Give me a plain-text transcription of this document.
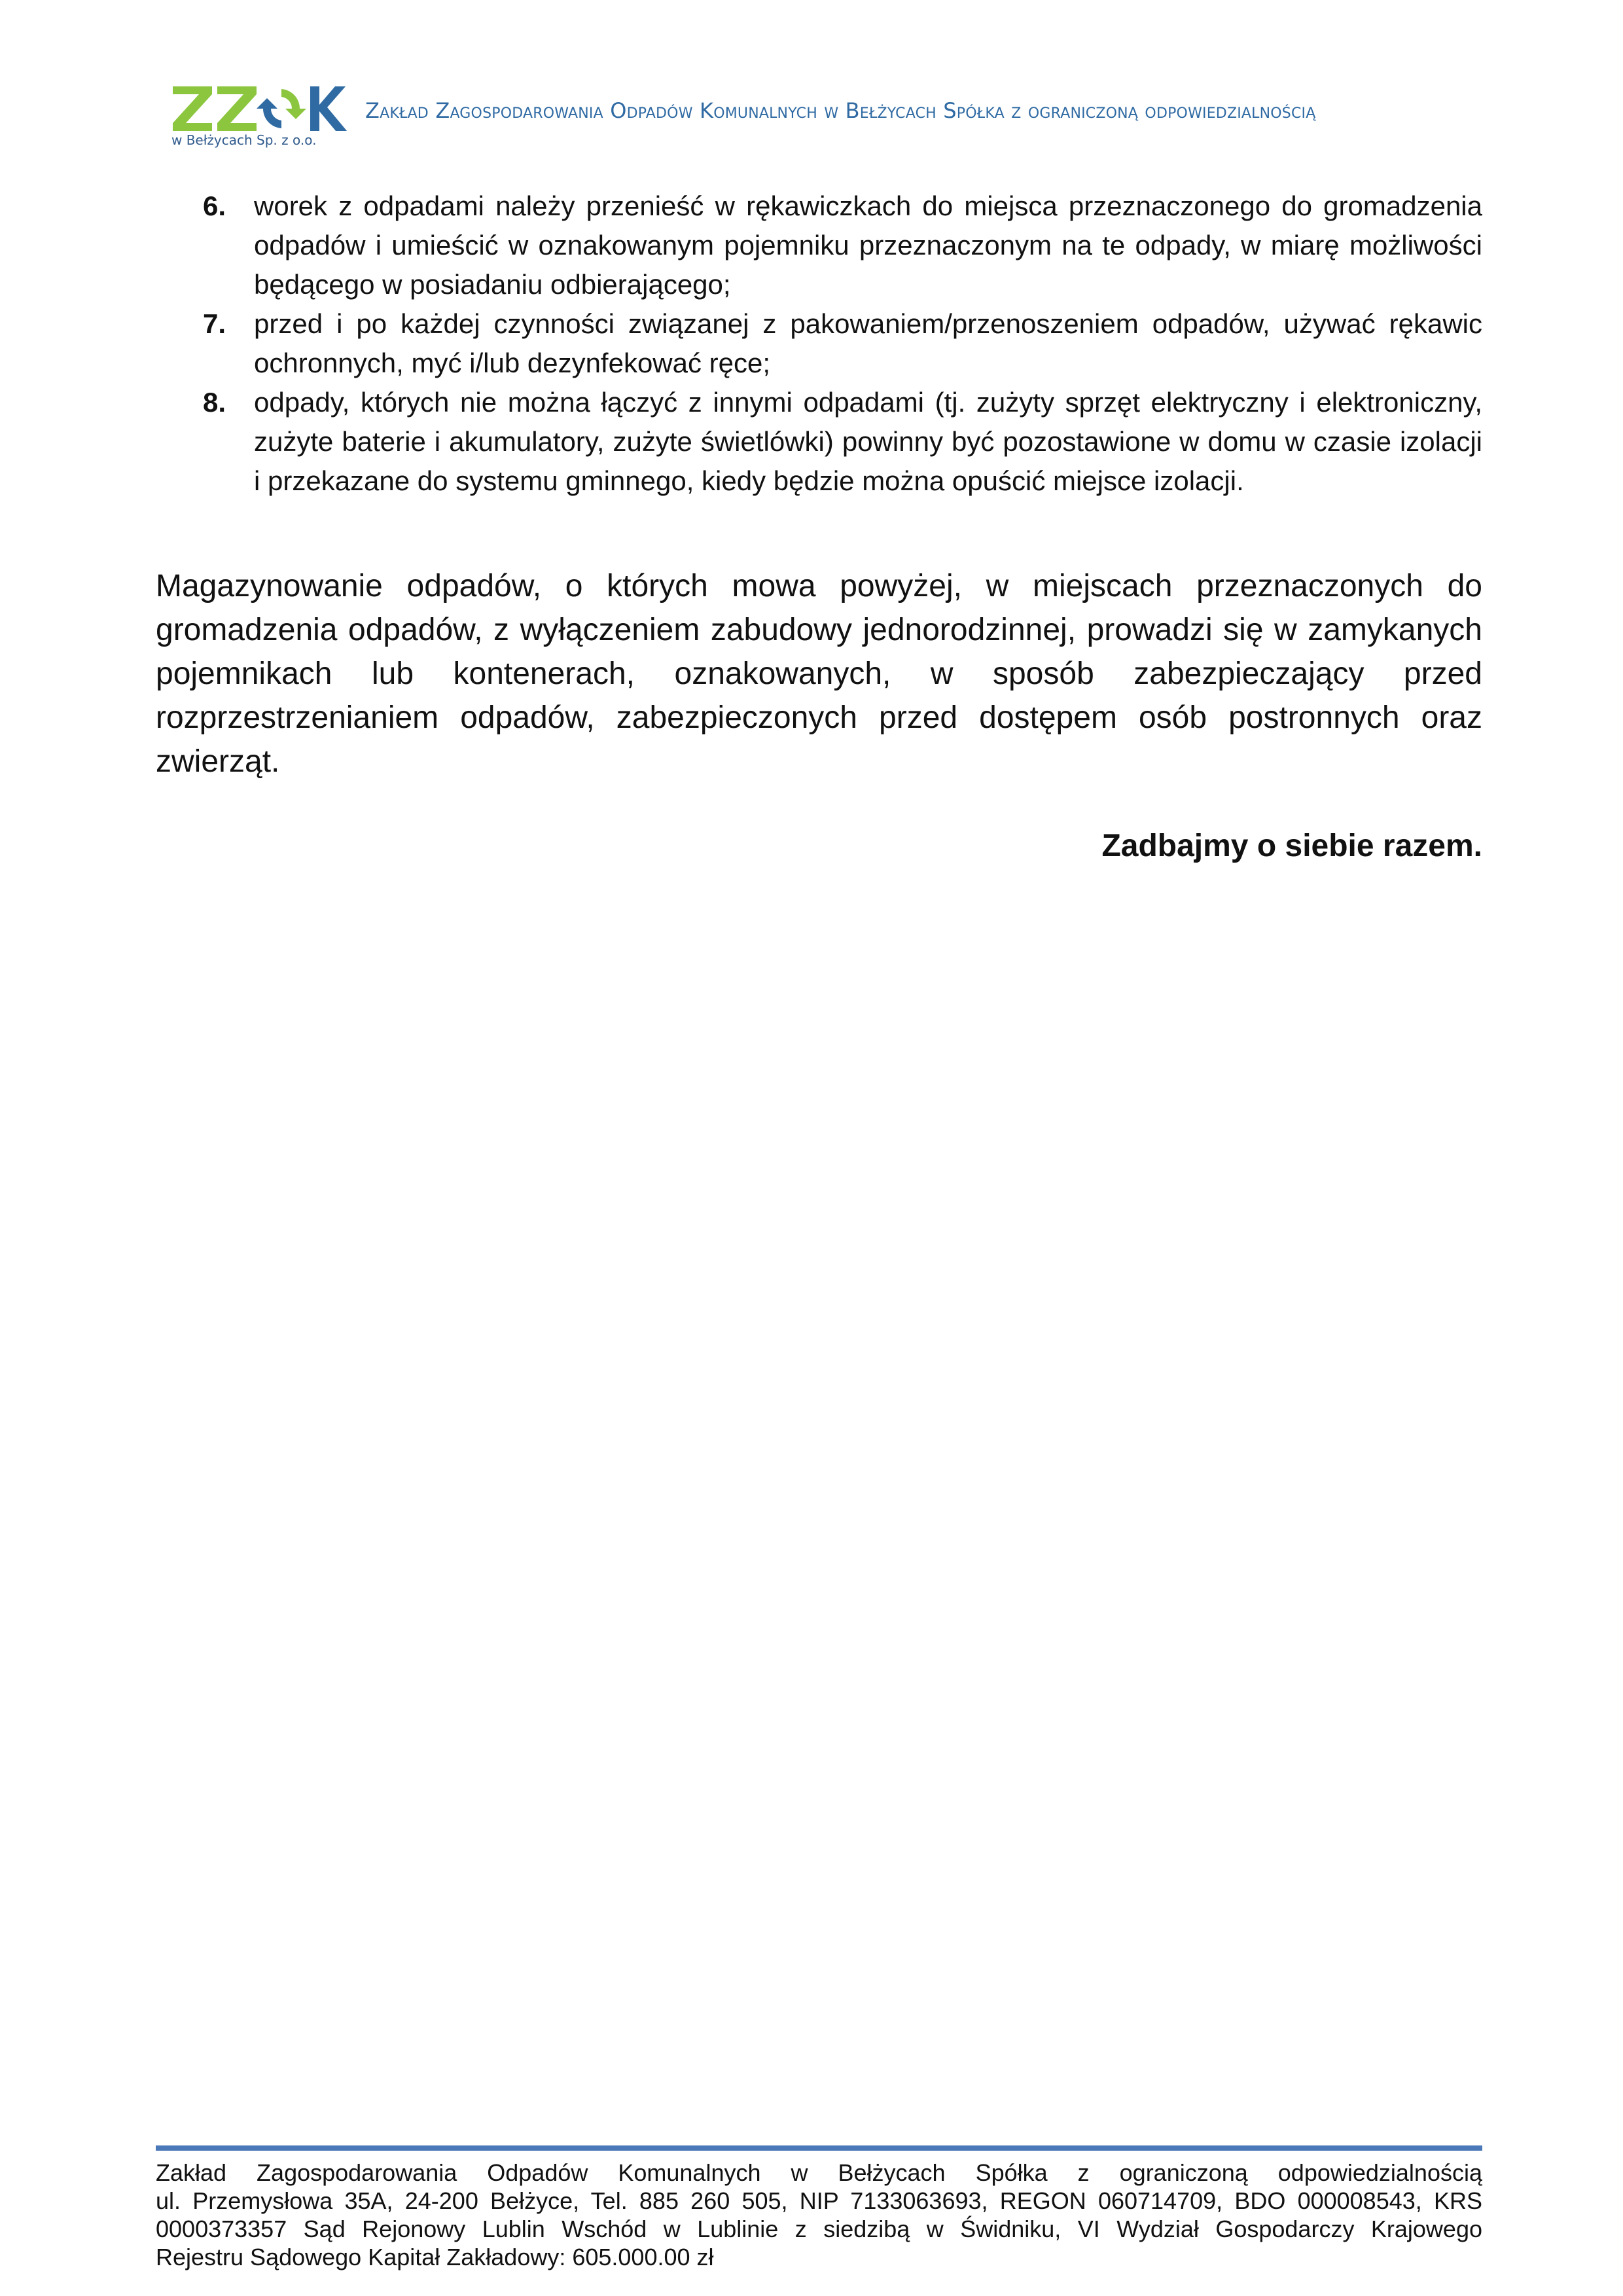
w Bełżycach Sp. z o.o.
Zakład Zagospodarowania Odpadów Komunalnych w Bełżycach Spółka z ograniczoną odpowiedzialnością
6. worek z odpadami należy przenieść w rękawiczkach do miejsca przeznaczonego do gromadzenia odpadów i umieścić w oznakowanym pojemniku przeznaczonym na te odpady, w miarę możliwości będącego w posiadaniu odbierającego;
7. przed i po każdej czynności związanej z pakowaniem/przenoszeniem odpadów, używać rękawic ochronnych, myć i/lub dezynfekować ręce;
8. odpady, których nie można łączyć z innymi odpadami (tj. zużyty sprzęt elektryczny i elektroniczny, zużyte baterie i akumulatory, zużyte świetlówki) powinny być pozostawione w domu w czasie izolacji i przekazane do systemu gminnego, kiedy będzie można opuścić miejsce izolacji.
Magazynowanie odpadów, o których mowa powyżej, w miejscach przeznaczonych do gromadzenia odpadów, z wyłączeniem zabudowy jednorodzinnej, prowadzi się w zamykanych pojemnikach lub kontenerach, oznakowanych, w sposób zabezpieczający przed rozprzestrzenianiem odpadów, zabezpieczonych przed dostępem osób postronnych oraz zwierząt.
Zadbajmy o siebie razem.
Zakład Zagospodarowania Odpadów Komunalnych w Bełżycach Spółka z ograniczoną odpowiedzialnością
ul. Przemysłowa 35A, 24-200 Bełżyce, Tel. 885 260 505, NIP 7133063693, REGON 060714709, BDO 000008543, KRS
0000373357 Sąd Rejonowy Lublin Wschód w Lublinie z siedzibą w Świdniku, VI Wydział Gospodarczy Krajowego
Rejestru Sądowego Kapitał Zakładowy: 605.000.00 zł
